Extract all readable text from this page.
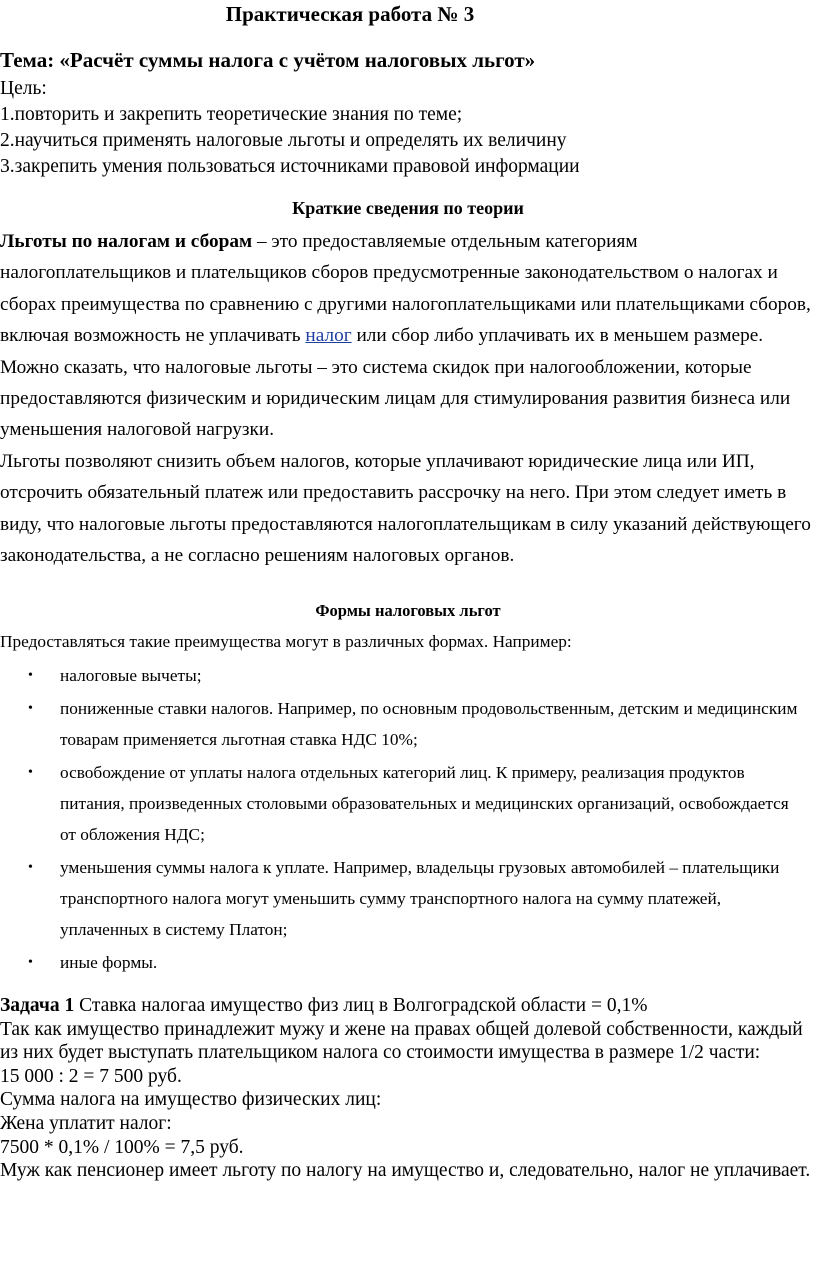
Практическая работа № 3
Тема: «Расчёт суммы налога с учётом налоговых льгот»
Цель:
1.повторить и закрепить теоретические знания по теме;
2.научиться применять налоговые льготы и определять их величину
3.закрепить умения пользоваться источниками правовой информации
Краткие сведения по теории

Льготы по налогам и сборам – это предоставляемые отдельным категориям налогоплательщиков и плательщиков сборов предусмотренные законодательством о налогах и сборах преимущества по сравнению с другими налогоплательщиками или плательщиками сборов, включая возможность не уплачивать налог или сбор либо уплачивать их в меньшем размере.

Можно сказать, что налоговые льготы – это система скидок при налогообложении, которые предоставляются физическим и юридическим лицам для стимулирования развития бизнеса или уменьшения налоговой нагрузки.

Льготы позволяют снизить объем налогов, которые уплачивают юридические лица или ИП, отсрочить обязательный платеж или предоставить рассрочку на него. При этом следует иметь в виду, что налоговые льготы предоставляются налогоплательщикам в силу указаний действующего законодательства, а не согласно решениям налоговых органов.

Формы налоговых льгот
Предоставляться такие преимущества могут в различных формах. Например:
• налоговые вычеты;
• пониженные ставки налогов. Например, по основным продовольственным, детским и медицинским товарам применяется льготная ставка НДС 10%;
• освобождение от уплаты налога отдельных категорий лиц. К примеру, реализация продуктов питания, произведенных столовыми образовательных и медицинских организаций, освобождается от обложения НДС;
• уменьшения суммы налога к уплате. Например, владельцы грузовых автомобилей – плательщики транспортного налога могут уменьшить сумму транспортного налога на сумму платежей, уплаченных в систему Платон;
• иные формы.

Задача 1 Ставка налогаа имущество физ лиц в Волгоградской области = 0,1%

Так как имущество принадлежит мужу и жене на правах общей долевой собственности, каждый из них будет выступать плательщиком налога со стоимости имущества в размере 1/2 части:

15 000 : 2 = 7 500 руб.

Сумма налога на имущество физических лиц:

Жена уплатит налог:

7500 * 0,1% / 100% = 7,5 руб.

Муж как пенсионер имеет льготу по налогу на имущество и, следовательно, налог не уплачивает.
